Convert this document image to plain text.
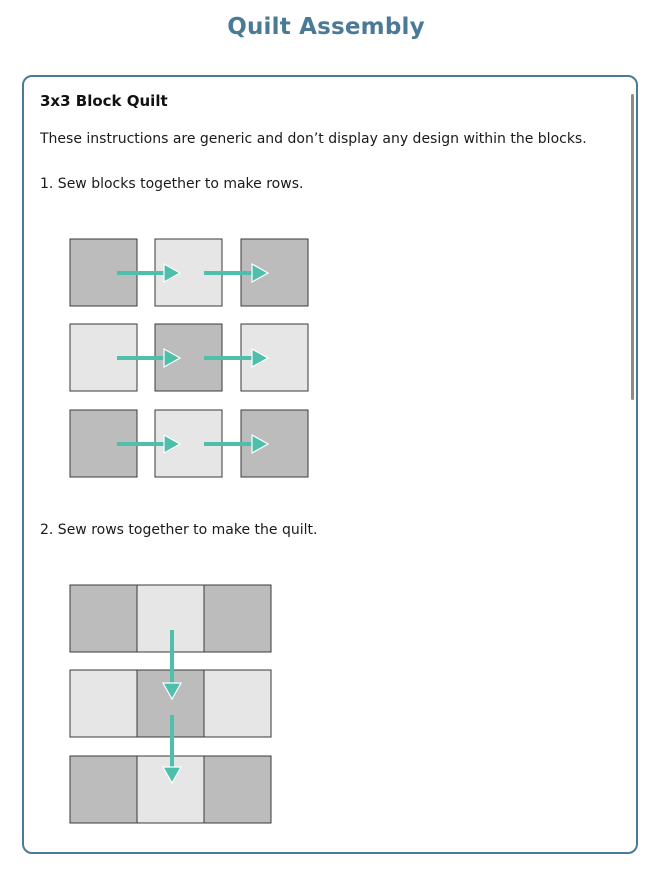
Quilt Assembly
3x3 Block Quilt
These instructions are generic and don’t display any design within the blocks.
1. Sew blocks together to make rows.
2. Sew rows together to make the quilt.
